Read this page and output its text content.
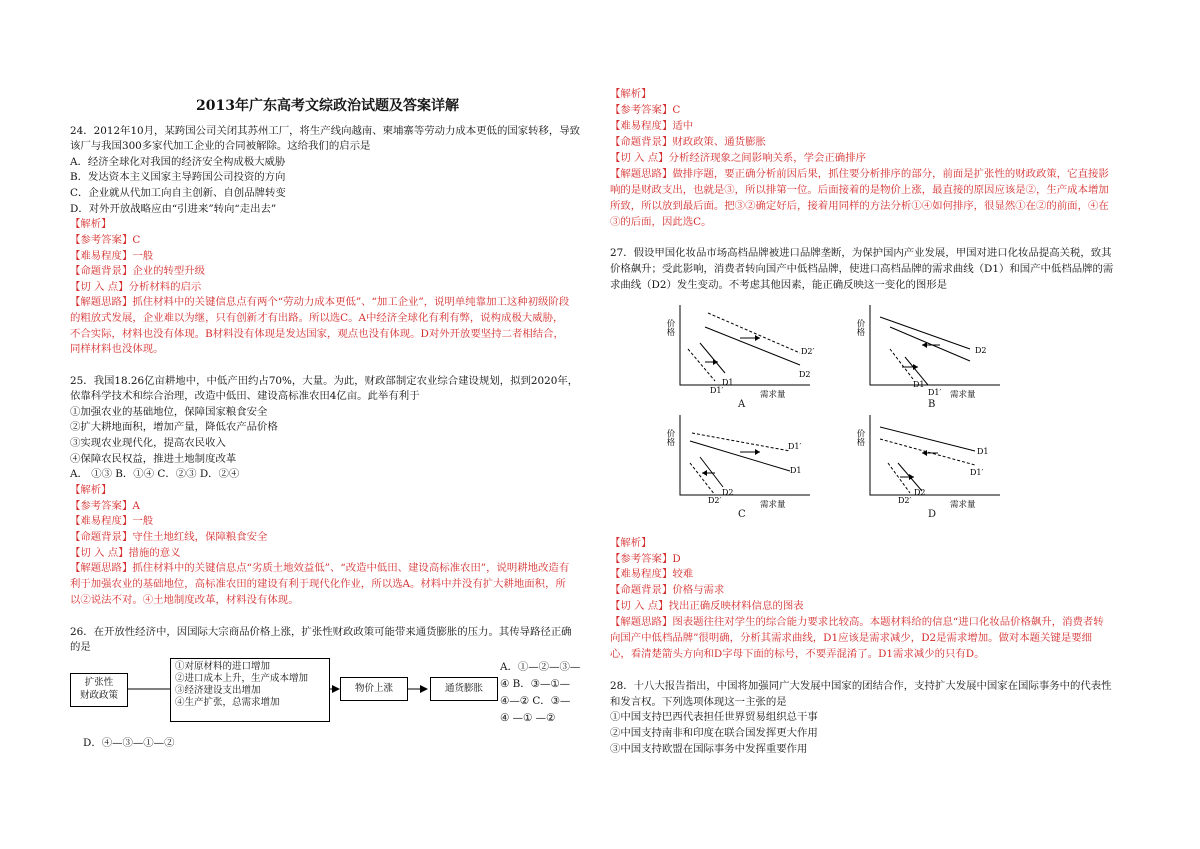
2013年广东高考文综政治试题及答案详解
24．2012年10月，某跨国公司关闭其苏州工厂，将生产线向越南、柬埔寨等劳动力成本更低的国家转移，导致
该厂与我国300多家代加工企业的合同被解除。这给我们的启示是
A．经济全球化对我国的经济安全构成极大威胁
B．发达资本主义国家主导跨国公司投资的方向
C．企业就从代加工向自主创新、自创品牌转变
D．对外开放战略应由“引进来”转向“走出去”
【解析】
【参考答案】C
【难易程度】一般
【命题背景】企业的转型升级
【切 入 点】分析材料的启示
【解题思路】抓住材料中的关键信息点有两个“劳动力成本更低”、“加工企业”，说明单纯靠加工这种初级阶段
的粗放式发展，企业难以为继，只有创新才有出路。所以选C。A中经济全球化有利有弊，说构成极大威胁，
不合实际，材料也没有体现。B材料没有体现是发达国家，观点也没有体现。D对外开放要坚持二者相结合，
同样材料也没体现。
25．我国18.26亿亩耕地中，中低产田约占70%，大量。为此，财政部制定农业综合建设规划，拟到2020年，
依靠科学技术和综合治理，改造中低田、建设高标准农田4亿亩。此举有利于
①加强农业的基础地位，保障国家粮食安全
②扩大耕地面积，增加产量，降低农产品价格
③实现农业现代化，提高农民收入
④保障农民权益，推进土地制度改革
A． ①③ B．①④ C．②③ D．②④
【解析】
【参考答案】A
【难易程度】一般
【命题背景】守住土地红线，保障粮食安全
【切 入 点】措施的意义
【解题思路】抓住材料中的关键信息点“劣质土地效益低”、“改造中低田、建设高标准农田”，说明耕地改造有
利于加强农业的基础地位，高标准农田的建设有利于现代化作业，所以选A。材料中并没有扩大耕地面积，所
以②说法不对。④土地制度改革，材料没有体现。
26．在开放性经济中，因国际大宗商品价格上涨，扩张性财政政策可能带来通货膨胀的压力。其传导路径正确
的是
扩张性
财政政策
①对原材料的进口增加
②进口成本上升，生产成本增加
③经济建设支出增加
④生产扩张，总需求增加
物价上涨	通货膨胀
A．①—②—③—
④ B．③—①—
④—② C．③—
④ —① —②
D．④—③—①—②
【解析】
【参考答案】C
【难易程度】适中
【命题背景】财政政策、通货膨胀
【切 入 点】分析经济现象之间影响关系，学会正确排序
【解题思路】做排序题，要正确分析前因后果，抓住要分析排序的部分，前面是扩张性的财政政策，它直接影
响的是财政支出，也就是③，所以排第一位。后面接着的是物价上涨，最直接的原因应该是②，生产成本增加
所致，所以放到最后面。把③②确定好后，接着用同样的方法分析①④如何排序，很显然①在②的前面，④在
③的后面，因此选C。
27．假设甲国化妆品市场高档品牌被进口品牌垄断，为保护国内产业发展，甲国对进口化妆品提高关税，致其
价格飙升；受此影响，消费者转向国产中低档品牌，使进口高档品牌的需求曲线（D1）和国产中低档品牌的需
求曲线（D2）发生变动。不考虑其他因素，能正确反映这一变化的图形是
【解析】
【参考答案】D
【难易程度】较难
【命题背景】价格与需求
【切 入 点】找出正确反映材料信息的图表
【解题思路】图表题往往对学生的综合能力要求比较高。本题材料给的信息“进口化妆品价格飙升，消费者转
向国产中低档品牌”很明确，分析其需求曲线，D1应该是需求减少，D2是需求增加。做对本题关键是要细
心，看清楚箭头方向和D字母下面的标号，不要弄混淆了。D1需求减少的只有D。
28．十八大报告指出，中国将加强同广大发展中国家的团结合作，支持扩大发展中国家在国际事务中的代表性
和发言权。下列选项体现这一主张的是
①中国支持巴西代表担任世界贸易组织总干事
②中国支持南非和印度在联合国发挥更大作用
③中国支持欧盟在国际事务中发挥重要作用
D2′
D2
D1
D1′
价格
需求量
A
D2
D1′
D1
价格
需求量
B
D1′
D1
D2
D2′
价格
需求量
C
D1
D1′
D2
D2′
价格
需求量
D
